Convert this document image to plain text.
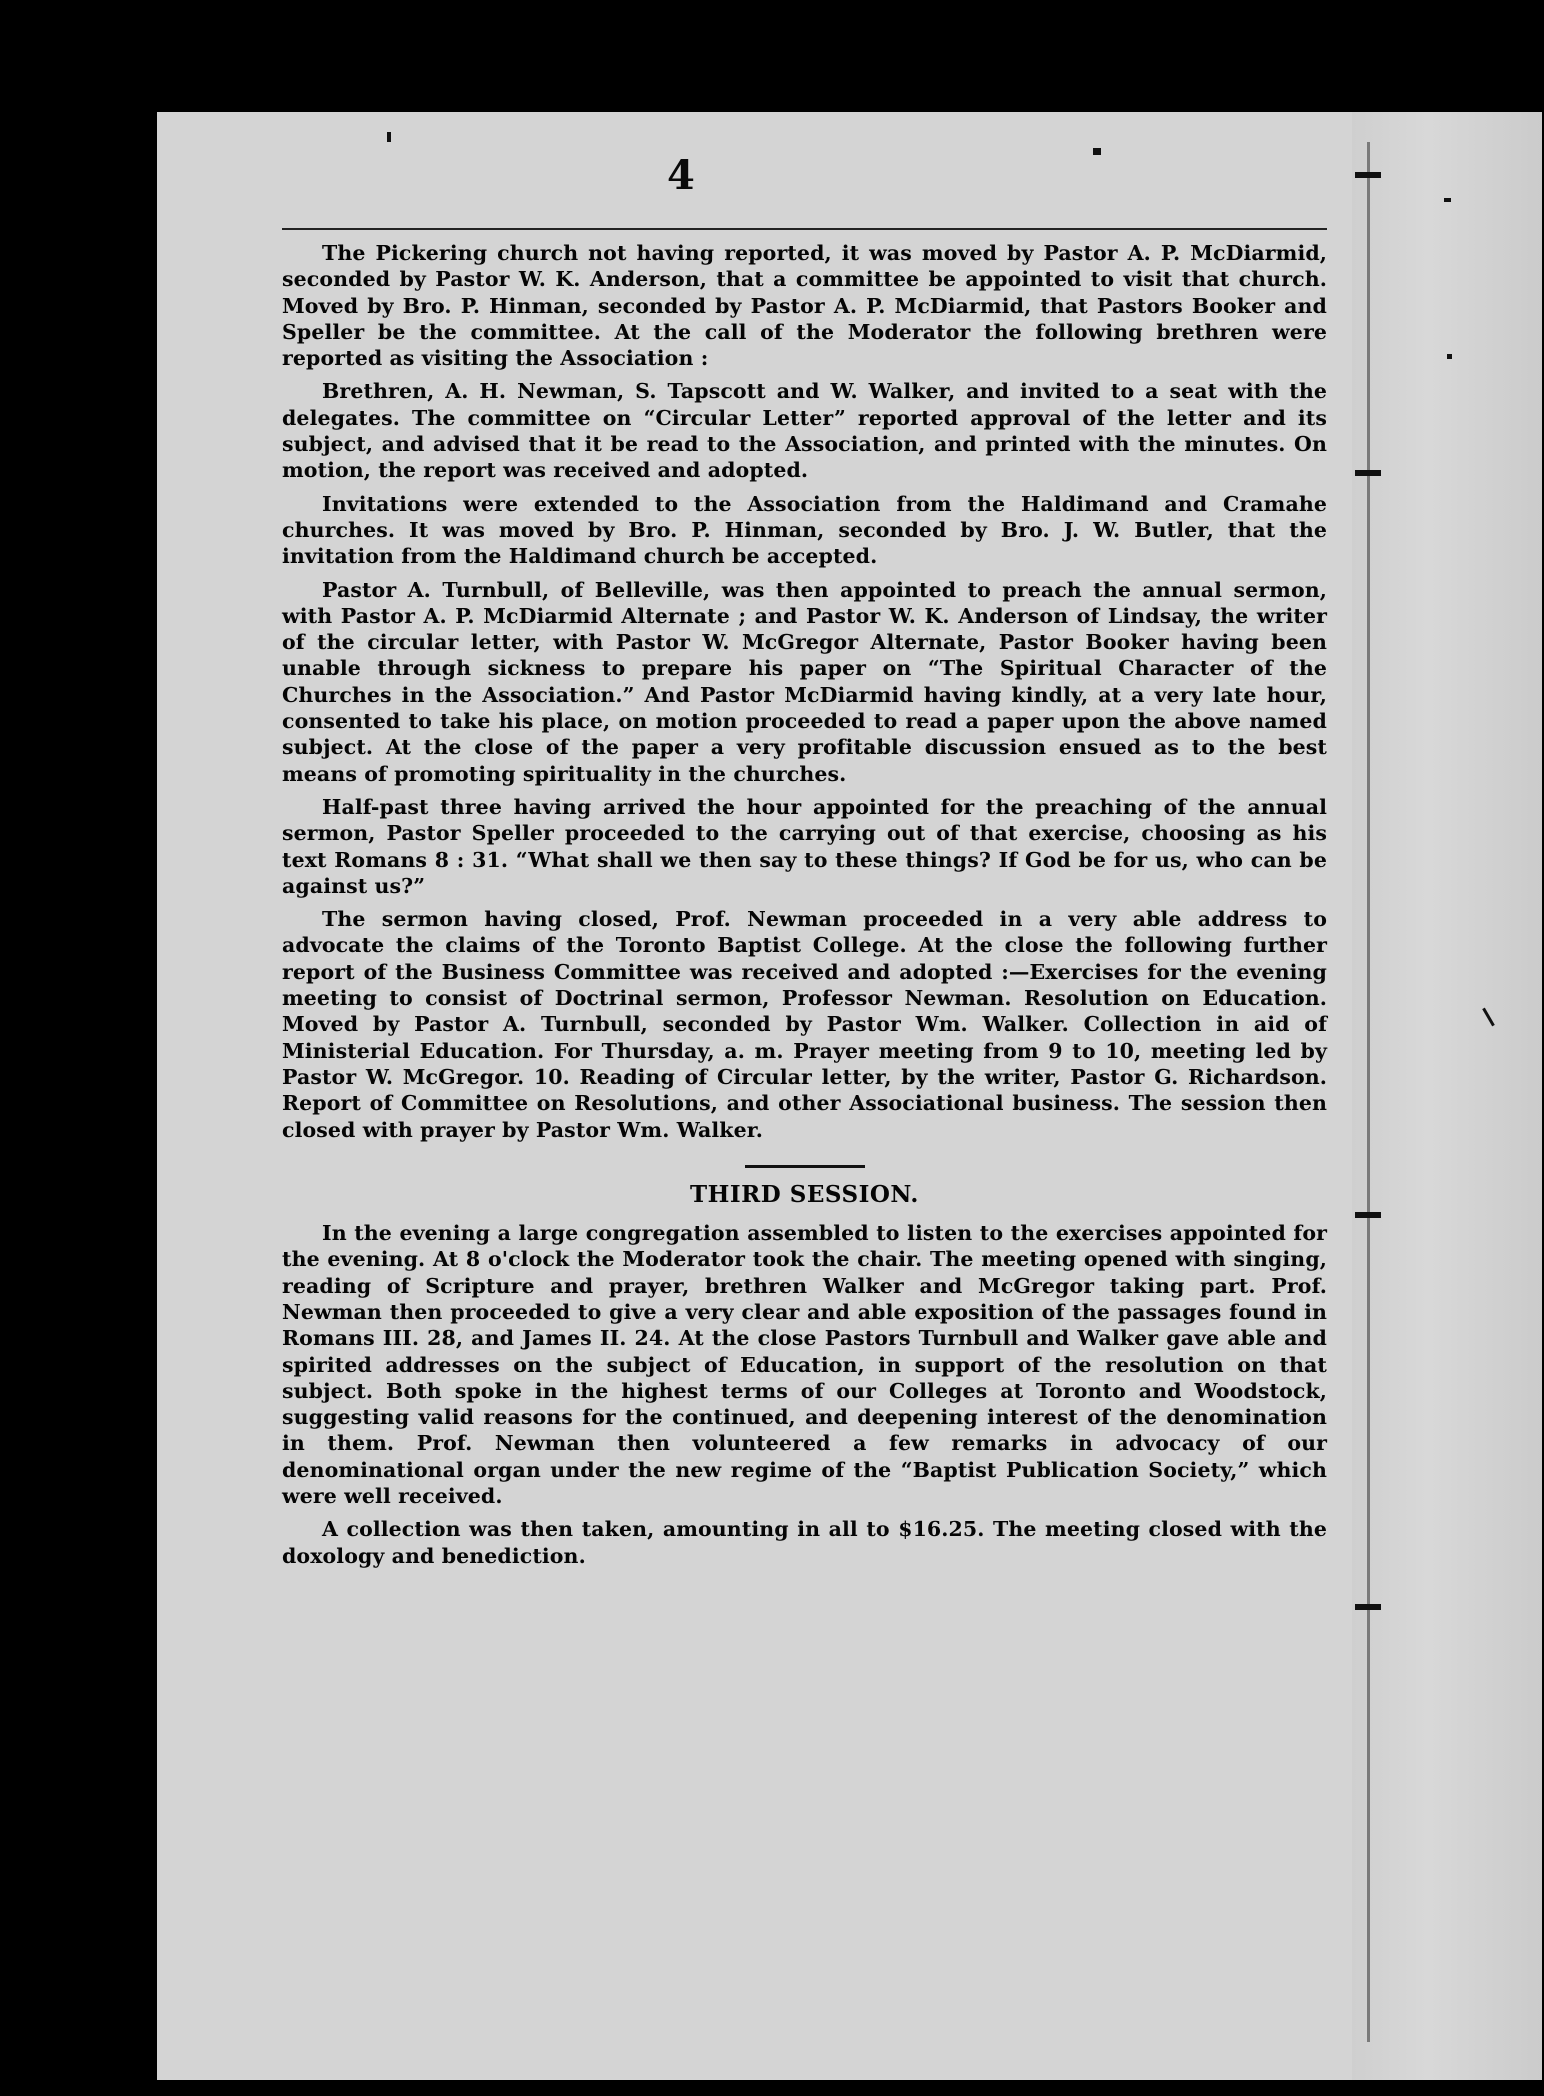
4

The Pickering church not having reported, it was moved by Pastor A. P. McDiarmid, seconded by Pastor W. K. Anderson, that a committee be appointed to visit that church. Moved by Bro. P. Hinman, seconded by Pastor A. P. McDiarmid, that Pastors Booker and Speller be the committee. At the call of the Moderator the following brethren were reported as visiting the Association :

Brethren, A. H. Newman, S. Tapscott and W. Walker, and invited to a seat with the delegates. The committee on “Circular Letter” reported approval of the letter and its subject, and advised that it be read to the Association, and printed with the minutes. On motion, the report was received and adopted.

Invitations were extended to the Association from the Haldimand and Cramahe churches. It was moved by Bro. P. Hinman, seconded by Bro. J. W. Butler, that the invitation from the Haldimand church be accepted.

Pastor A. Turnbull, of Belleville, was then appointed to preach the annual sermon, with Pastor A. P. McDiarmid Alternate ; and Pastor W. K. Anderson of Lindsay, the writer of the circular letter, with Pastor W. McGregor Alternate, Pastor Booker having been unable through sickness to prepare his paper on “The Spiritual Character of the Churches in the Association.” And Pastor McDiarmid having kindly, at a very late hour, consented to take his place, on motion proceeded to read a paper upon the above named subject. At the close of the paper a very profitable discussion ensued as to the best means of promoting spirituality in the churches.

Half-past three having arrived the hour appointed for the preaching of the annual sermon, Pastor Speller proceeded to the carrying out of that exercise, choosing as his text Romans 8 : 31. “What shall we then say to these things? If God be for us, who can be against us?”

The sermon having closed, Prof. Newman proceeded in a very able address to advocate the claims of the Toronto Baptist College. At the close the following further report of the Business Committee was received and adopted :—Exercises for the evening meeting to consist of Doctrinal sermon, Professor Newman. Resolution on Education. Moved by Pastor A. Turnbull, seconded by Pastor Wm. Walker. Collection in aid of Ministerial Education. For Thursday, a. m. Prayer meeting from 9 to 10, meeting led by Pastor W. McGregor. 10. Reading of Circular letter, by the writer, Pastor G. Richardson. Report of Committee on Resolutions, and other Associational business. The session then closed with prayer by Pastor Wm. Walker.

THIRD SESSION.

In the evening a large congregation assembled to listen to the exercises appointed for the evening. At 8 o'clock the Moderator took the chair. The meeting opened with singing, reading of Scripture and prayer, brethren Walker and McGregor taking part. Prof. Newman then proceeded to give a very clear and able exposition of the passages found in Romans III. 28, and James II. 24. At the close Pastors Turnbull and Walker gave able and spirited addresses on the subject of Education, in support of the resolution on that subject. Both spoke in the highest terms of our Colleges at Toronto and Woodstock, suggesting valid reasons for the continued, and deepening interest of the denomination in them. Prof. Newman then volunteered a few remarks in advocacy of our denominational organ under the new regime of the “Baptist Publication Society,” which were well received.

A collection was then taken, amounting in all to $16.25. The meeting closed with the doxology and benediction.
